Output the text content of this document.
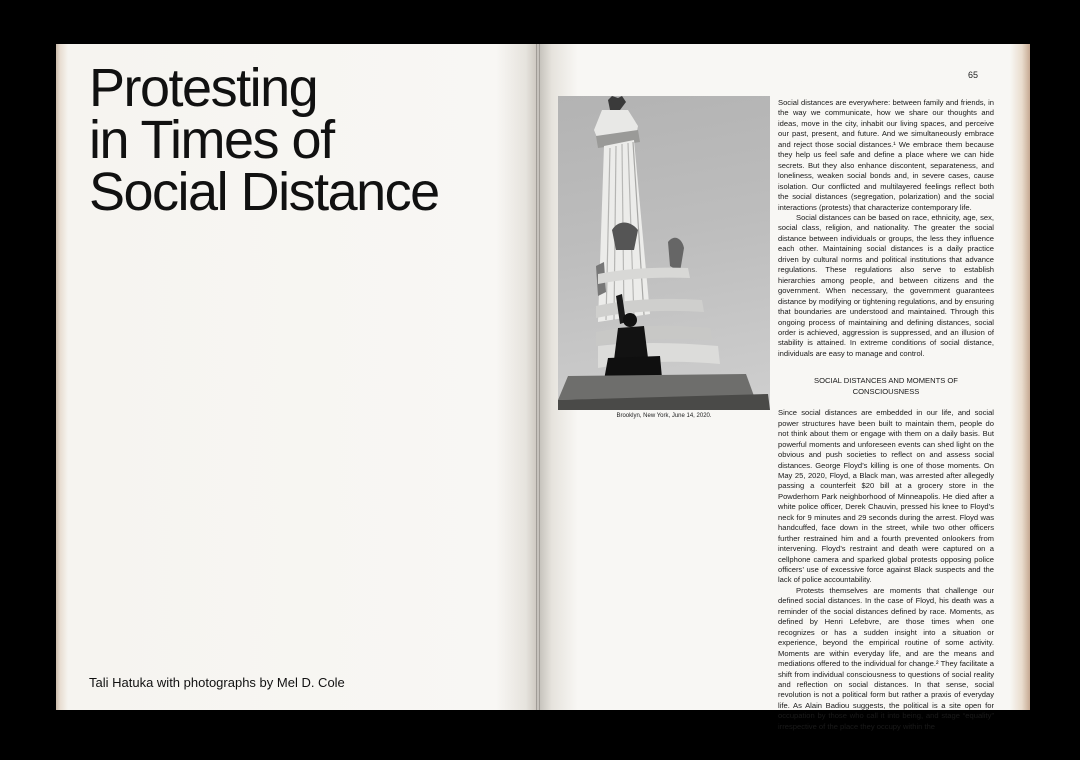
Protesting
in Times of
Social Distance

Tali Hatuka with photographs by Mel D. Cole

65
Brooklyn, New York, June 14, 2020.

Social distances are everywhere: between family and friends, in the way we communicate, how we share our thoughts and ideas, move in the city, inhabit our living spaces, and perceive our past, present, and future. And we simultaneously embrace and reject those social distances.¹ We embrace them because they help us feel safe and define a place where we can hide secrets. But they also enhance discontent, separateness, and loneliness, weaken social bonds and, in severe cases, cause isolation. Our conflicted and multilayered feelings reflect both the social distances (segregation, polarization) and the social interactions (protests) that characterize contemporary life.

Social distances can be based on race, ethnicity, age, sex, social class, religion, and nationality. The greater the social distance between individuals or groups, the less they influence each other. Maintaining social distances is a daily practice driven by cultural norms and political institutions that advance regulations. These regulations also serve to establish hierarchies among people, and between citizens and the government. When necessary, the government guarantees distance by modifying or tightening regulations, and by ensuring that boundaries are understood and maintained. Through this ongoing process of maintaining and defining distances, social order is achieved, aggression is suppressed, and an illusion of stability is attained. In extreme conditions of social distance, individuals are easy to manage and control.

SOCIAL DISTANCES AND MOMENTS OF
CONSCIOUSNESS

Since social distances are embedded in our life, and social power structures have been built to maintain them, people do not think about them or engage with them on a daily basis. But powerful moments and unforeseen events can shed light on the obvious and push societies to reflect on and assess social distances. George Floyd’s killing is one of those moments. On May 25, 2020, Floyd, a Black man, was arrested after allegedly passing a counterfeit $20 bill at a grocery store in the Powderhorn Park neighborhood of Minneapolis. He died after a white police officer, Derek Chauvin, pressed his knee to Floyd’s neck for 9 minutes and 29 seconds during the arrest. Floyd was handcuffed, face down in the street, while two other officers further restrained him and a fourth prevented onlookers from intervening. Floyd’s restraint and death were captured on a cellphone camera and sparked global protests opposing police officers’ use of excessive force against Black suspects and the lack of police accountability.

Protests themselves are moments that challenge our defined social distances. In the case of Floyd, his death was a reminder of the social distances defined by race. Moments, as defined by Henri Lefebvre, are those times when one recognizes or has a sudden insight into a situation or experience, beyond the empirical routine of some activity. Moments are within everyday life, and are the means and mediations offered to the individual for change.² They facilitate a shift from individual consciousness to questions of social reality and reflection on social distances. In that sense, social revolution is not a political form but rather a praxis of everyday life. As Alain Badiou suggests, the political is a site open for occupation by those who call it into being, and stage “equality” irrespective of the place they occupy within the
